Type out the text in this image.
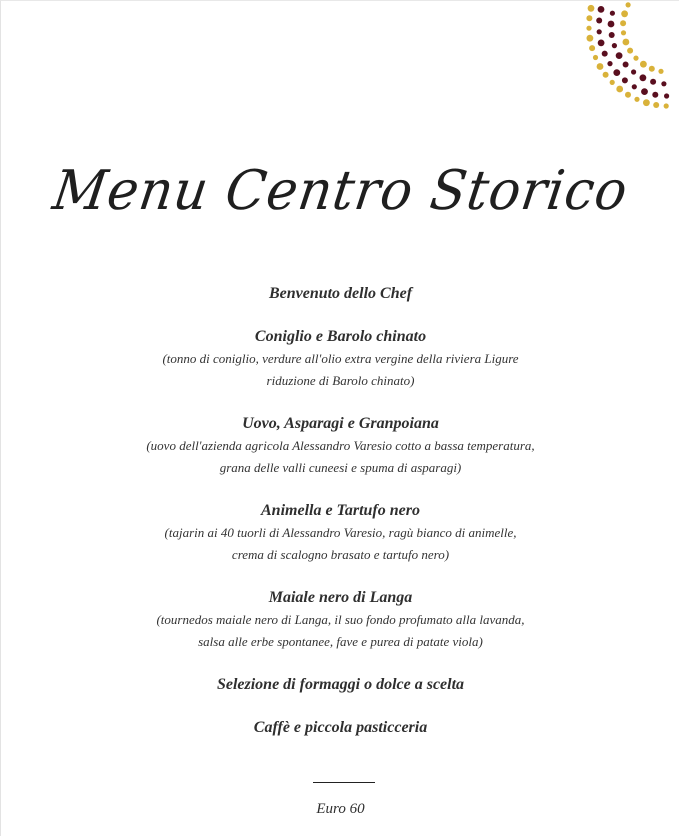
Menu Centro Storico
Benvenuto dello Chef
Coniglio e Barolo chinato
(tonno di coniglio, verdure all'olio extra vergine della riviera Ligure
riduzione di Barolo chinato)
Uovo, Asparagi e Granpoiana
(uovo dell'azienda agricola Alessandro Varesio cotto a bassa temperatura,
grana delle valli cuneesi e spuma di asparagi)
Animella e Tartufo nero
(tajarin ai 40 tuorli di Alessandro Varesio, ragù bianco di animelle,
crema di scalogno brasato e tartufo nero)
Maiale nero di Langa
(tournedos maiale nero di Langa, il suo fondo profumato alla lavanda,
salsa alle erbe spontanee, fave e purea di patate viola)
Selezione di formaggi o dolce a scelta
Caffè e piccola pasticceria
Euro 60
